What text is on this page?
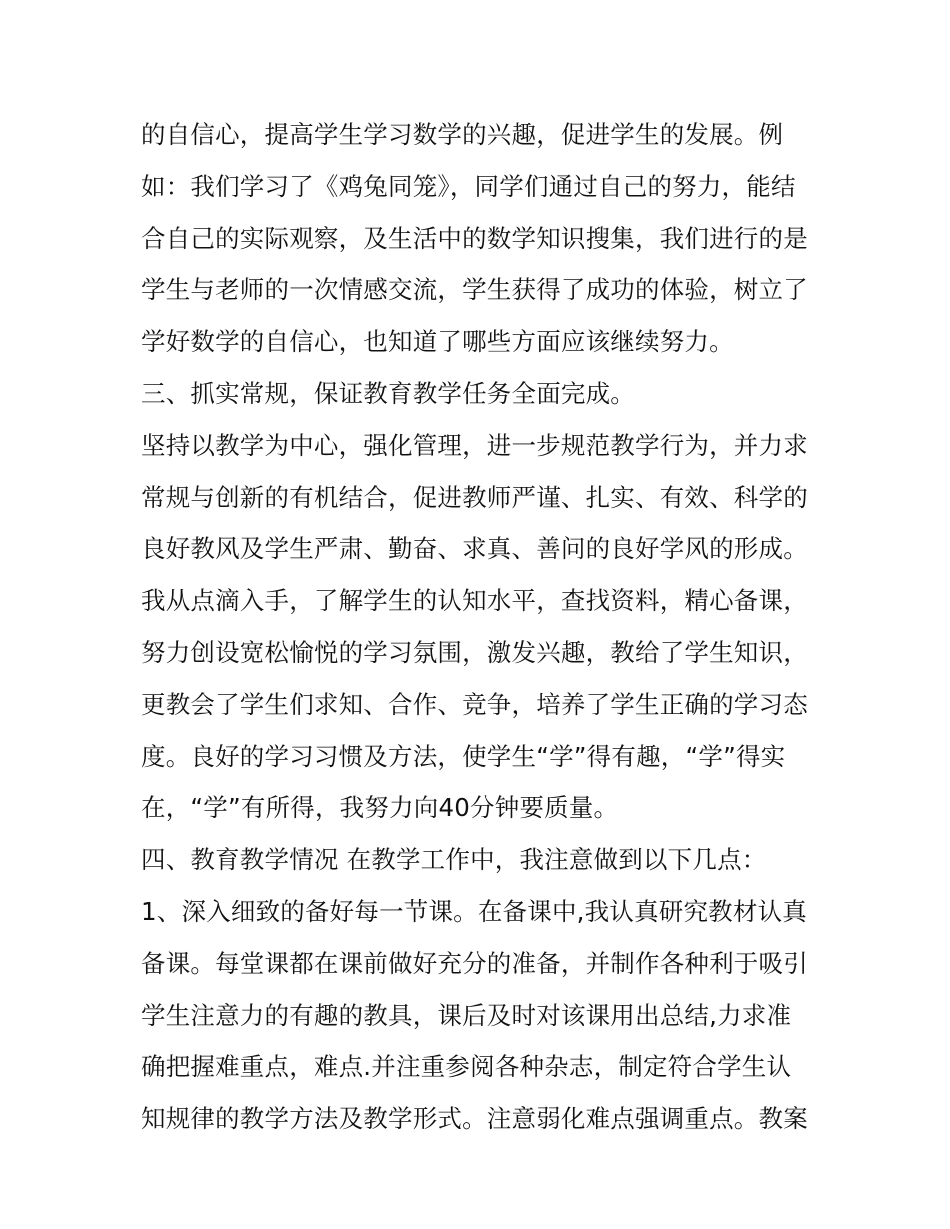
的自信心，提高学生学习数学的兴趣，促进学生的发展。例
如：我们学习了《鸡兔同笼》，同学们通过自己的努力，能结
合自己的实际观察，及生活中的数学知识搜集，我们进行的是
学生与老师的一次情感交流，学生获得了成功的体验，树立了
学好数学的自信心，也知道了哪些方面应该继续努力。
三、抓实常规，保证教育教学任务全面完成。
坚持以教学为中心，强化管理，进一步规范教学行为，并力求
常规与创新的有机结合，促进教师严谨、扎实、有效、科学的
良好教风及学生严肃、勤奋、求真、善问的良好学风的形成。
我从点滴入手，了解学生的认知水平，查找资料，精心备课，
努力创设宽松愉悦的学习氛围，激发兴趣，教给了学生知识，
更教会了学生们求知、合作、竞争，培养了学生正确的学习态
度。良好的学习习惯及方法，使学生“学”得有趣，“学”得实
在，“学”有所得，我努力向40分钟要质量。
四、教育教学情况 在教学工作中，我注意做到以下几点：
1、深入细致的备好每一节课。在备课中,我认真研究教材认真
备课。每堂课都在课前做好充分的准备，并制作各种利于吸引
学生注意力的有趣的教具，课后及时对该课用出总结,力求准
确把握难重点，难点.并注重参阅各种杂志，制定符合学生认
知规律的教学方法及教学形式。注意弱化难点强调重点。教案
